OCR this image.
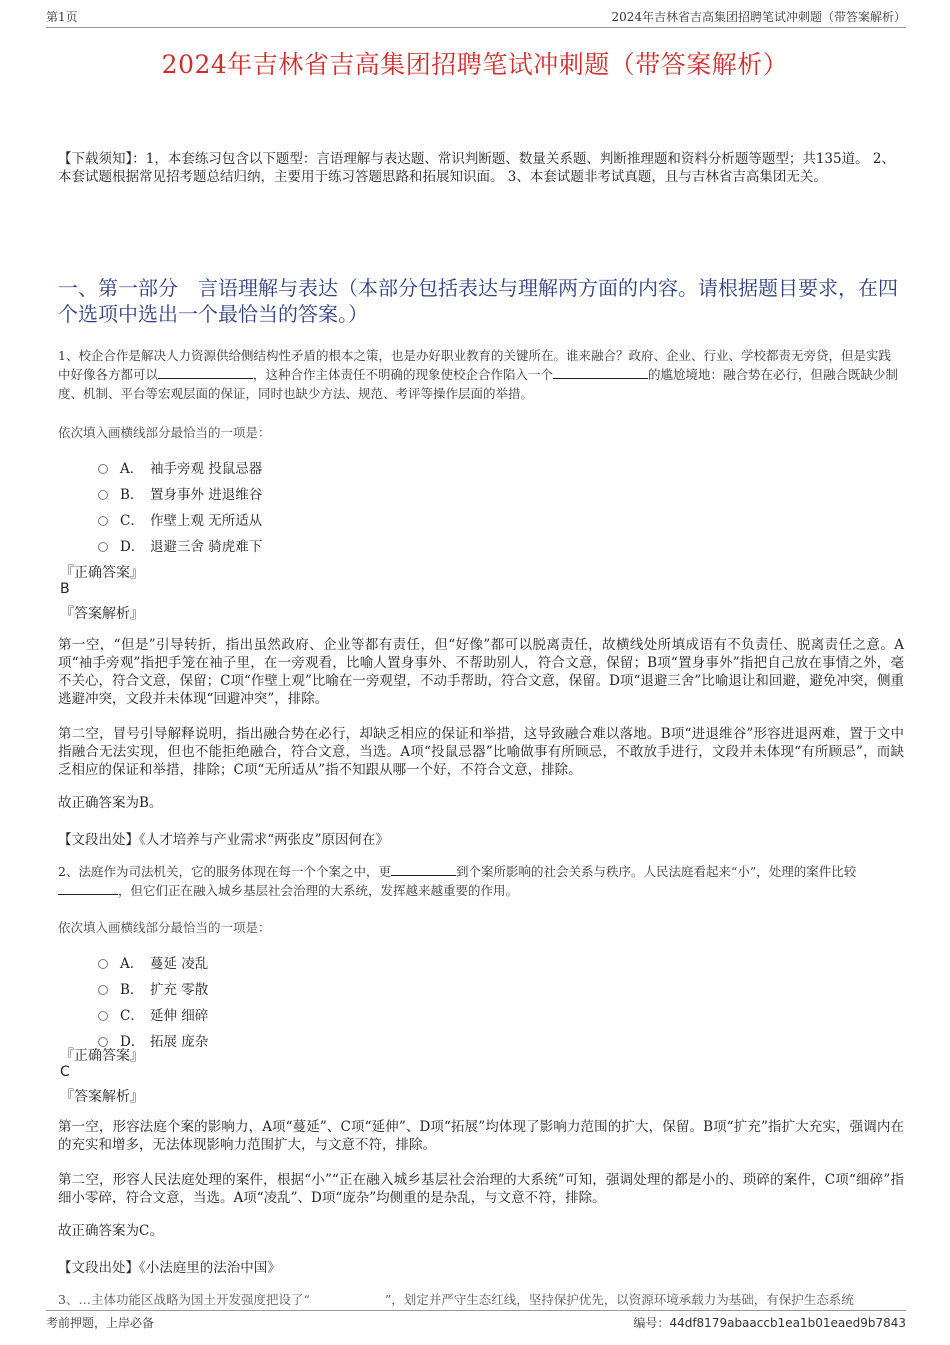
第1页	2024年吉林省吉高集团招聘笔试冲刺题（带答案解析）
2024年吉林省吉高集团招聘笔试冲刺题（带答案解析）
【下载须知】：1，本套练习包含以下题型：言语理解与表达题、常识判断题、数量关系题、判断推理题和资料分析题等题型；共135道。 2、本套试题根据常见招考题总结归纳，主要用于练习答题思路和拓展知识面。 3、本套试题非考试真题，且与吉林省吉高集团无关。
一、第一部分　言语理解与表达（本部分包括表达与理解两方面的内容。请根据题目要求，在四个选项中选出一个最恰当的答案。）
1、校企合作是解决人力资源供给侧结构性矛盾的根本之策，也是办好职业教育的关键所在。谁来融合？政府、企业、行业、学校都责无旁贷，但是实践中好像各方都可以	，这种合作主体责任不明确的现象使校企合作陷入一个	的尴尬境地：融合势在必行，但融合既缺少制度、机制、平台等宏观层面的保证，同时也缺少方法、规范、考评等操作层面的举措。
依次填入画横线部分最恰当的一项是：
A． 袖手旁观 投鼠忌器
B． 置身事外 进退维谷
C． 作壁上观 无所适从
D． 退避三舍 骑虎难下
『正确答案』
B
『答案解析』
第一空，“但是”引导转折，指出虽然政府、企业等都有责任，但“好像”都可以脱离责任，故横线处所填成语有不负责任、脱离责任之意。A项“袖手旁观”指把手笼在袖子里，在一旁观看，比喻人置身事外、不帮助别人，符合文意，保留；B项“置身事外”指把自己放在事情之外，毫不关心，符合文意，保留；C项“作壁上观”比喻在一旁观望，不动手帮助，符合文意，保留。D项“退避三舍”比喻退让和回避，避免冲突，侧重逃避冲突，文段并未体现“回避冲突”，排除。
第二空，冒号引导解释说明，指出融合势在必行，却缺乏相应的保证和举措，这导致融合难以落地。B项“进退维谷”形容进退两难，置于文中指融合无法实现，但也不能拒绝融合，符合文意，当选。A项“投鼠忌器”比喻做事有所顾忌，不敢放手进行，文段并未体现“有所顾忌”，而缺乏相应的保证和举措，排除；C项“无所适从”指不知跟从哪一个好，不符合文意，排除。
故正确答案为B。
【文段出处】《人才培养与产业需求“两张皮”原因何在》
2、法庭作为司法机关，它的服务体现在每一个个案之中，更	到个案所影响的社会关系与秩序。人民法庭看起来“小”，处理的案件比较，但它们正在融入城乡基层社会治理的大系统，发挥越来越重要的作用。
依次填入画横线部分最恰当的一项是：
A． 蔓延 凌乱
B． 扩充 零散
C． 延伸 细碎
D． 拓展 庞杂
『正确答案』
C
『答案解析』
第一空，形容法庭个案的影响力，A项“蔓延”、C项“延伸”、D项“拓展”均体现了影响力范围的扩大，保留。B项“扩充”指扩大充实，强调内在的充实和增多，无法体现影响力范围扩大，与文意不符，排除。
第二空，形容人民法庭处理的案件，根据“小”“正在融入城乡基层社会治理的大系统”可知，强调处理的都是小的、琐碎的案件，C项“细碎”指细小零碎，符合文意，当选。A项“凌乱”、D项“庞杂”均侧重的是杂乱，与文意不符，排除。
故正确答案为C。
【文段出处】《小法庭里的法治中国》
3、…主体功能区战略为国土开发强度把设了“　　　　　　”，划定并严守生态红线，坚持保护优先，以资源环境承载力为基础，有保护生态系统
考前押题，上岸必备	编号：44df8179abaaccb1ea1b01eaed9b7843
